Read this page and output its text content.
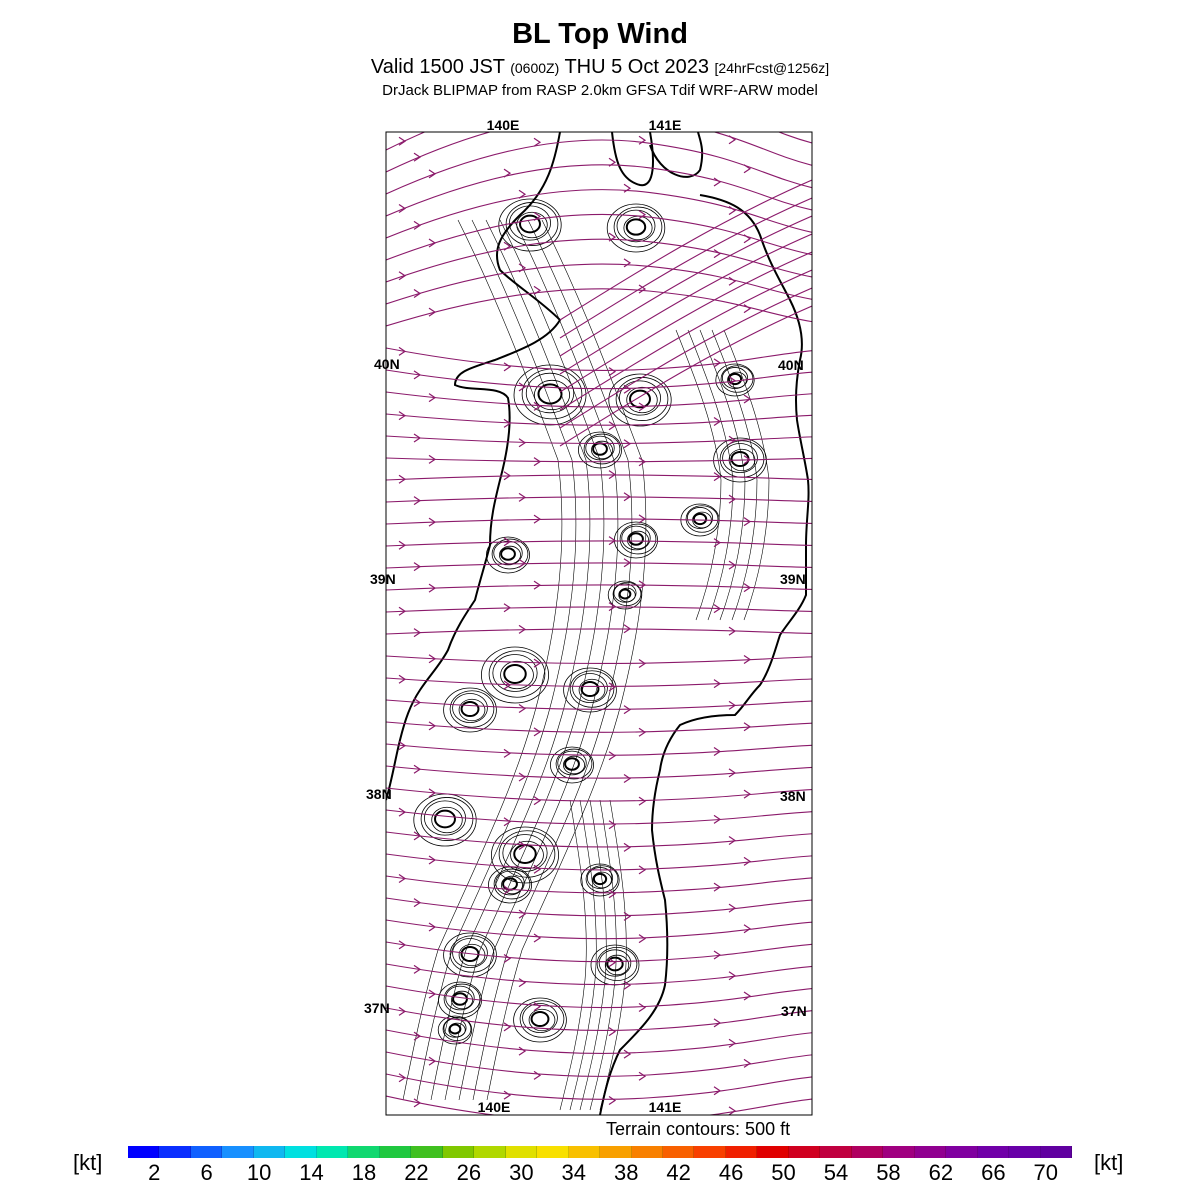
BL Top Wind
Valid 1500 JST (0600Z) THU 5 Oct 2023 [24hrFcst@1256z]
DrJack BLIPMAP from RASP 2.0km GFSA Tdif WRF-ARW model
140E	141E
140E	141E
40N	40N
39N	39N
38N	38N
37N	37N
Terrain contours: 500 ft
[kt]	[kt]
2 6 10 14 18 22 26 30 34 38 42 46 50 54 58 62 66 70
